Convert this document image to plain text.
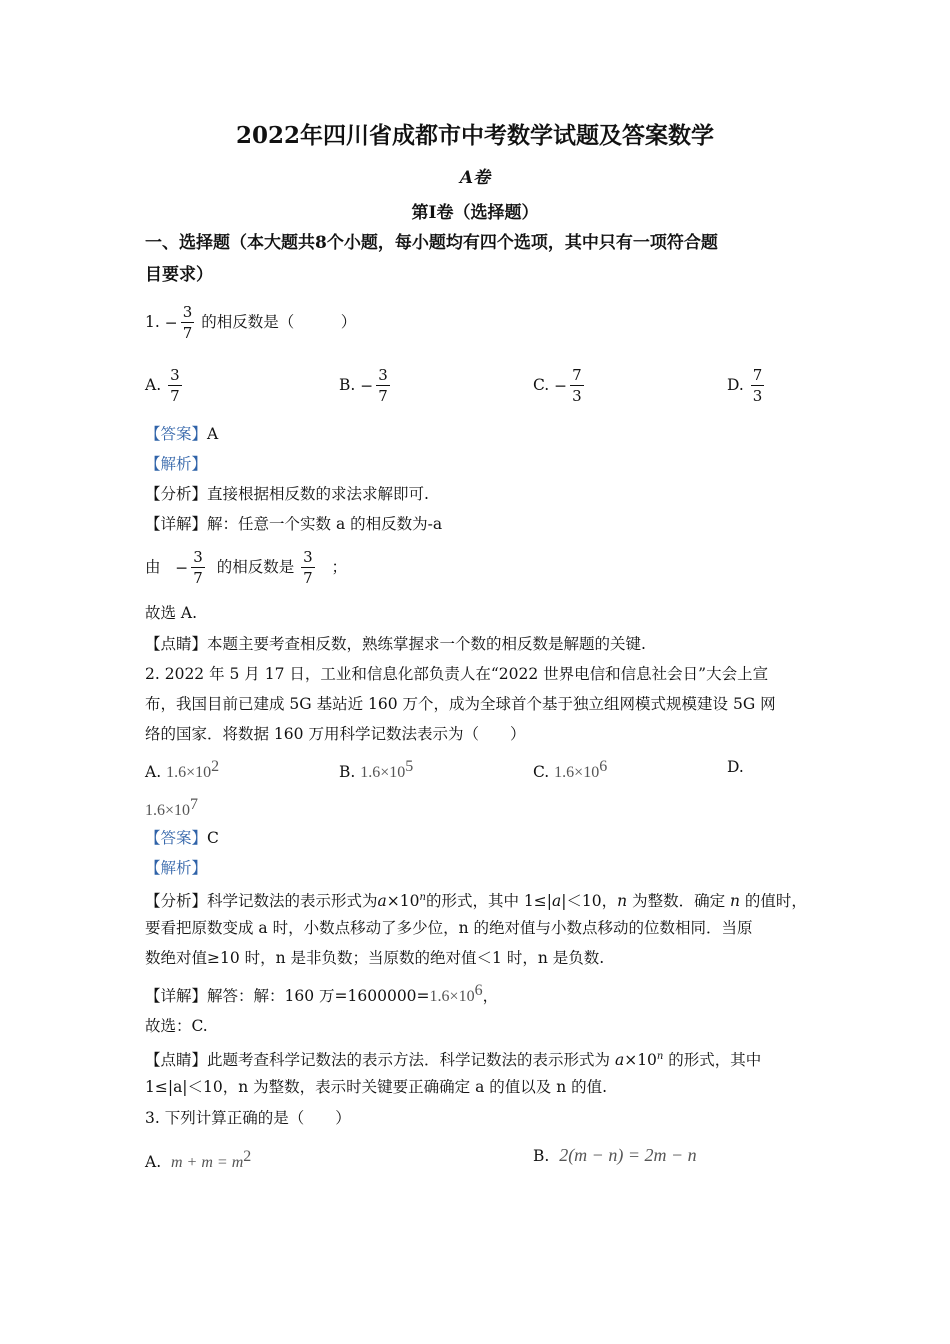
2022年四川省成都市中考数学试题及答案数学
A卷
第Ⅰ卷（选择题）
一、选择题（本大题共8个小题，每小题均有四个选项，其中只有一项符合题
目要求）
1. − $\frac{3}{7}$ 的相反数是（　　　）
A. $\frac{3}{7}$	B. − $\frac{3}{7}$	C. − $\frac{7}{3}$	D. $\frac{7}{3}$
【答案】A
【解析】
【分析】直接根据相反数的求法求解即可.
【详解】解：任意一个实数 a 的相反数为-a
由 − $\frac{3}{7}$ 的相反数是 $\frac{3}{7}$ ；
故选 A.
【点睛】本题主要考查相反数，熟练掌握求一个数的相反数是解题的关键.
2. 2022 年 5 月 17 日，工业和信息化部负责人在“2022 世界电信和信息社会日”大会上宣
布，我国目前已建成 5G 基站近 160 万个，成为全球首个基于独立组网模式规模建设 5G 网
络的国家．将数据 160 万用科学记数法表示为（　　）
A. $1.6\times 10^2$	B. $1.6\times 10^5$	C. $1.6\times 10^6$	D.
$1.6\times 10^7$
【答案】C
【解析】
【分析】科学记数法的表示形式为$a\times 10^n$的形式，其中 1≤|a|＜10，n 为整数．确定 n 的值时，
要看把原数变成 a 时，小数点移动了多少位，n 的绝对值与小数点移动的位数相同．当原
数绝对值≥10 时，n 是非负数；当原数的绝对值＜1 时，n 是负数.
【详解】解答：解：160 万$=1600000=1.6\times 10^6$，
故选：C.
【点睛】此题考查科学记数法的表示方法．科学记数法的表示形式为 $a\times 10^n$ 的形式，其中
1≤|a|＜10，n 为整数，表示时关键要正确确定 a 的值以及 n 的值.
3. 下列计算正确的是（　　）
A. $m + m = m^2$	B. 2(m − n) = 2m − n
